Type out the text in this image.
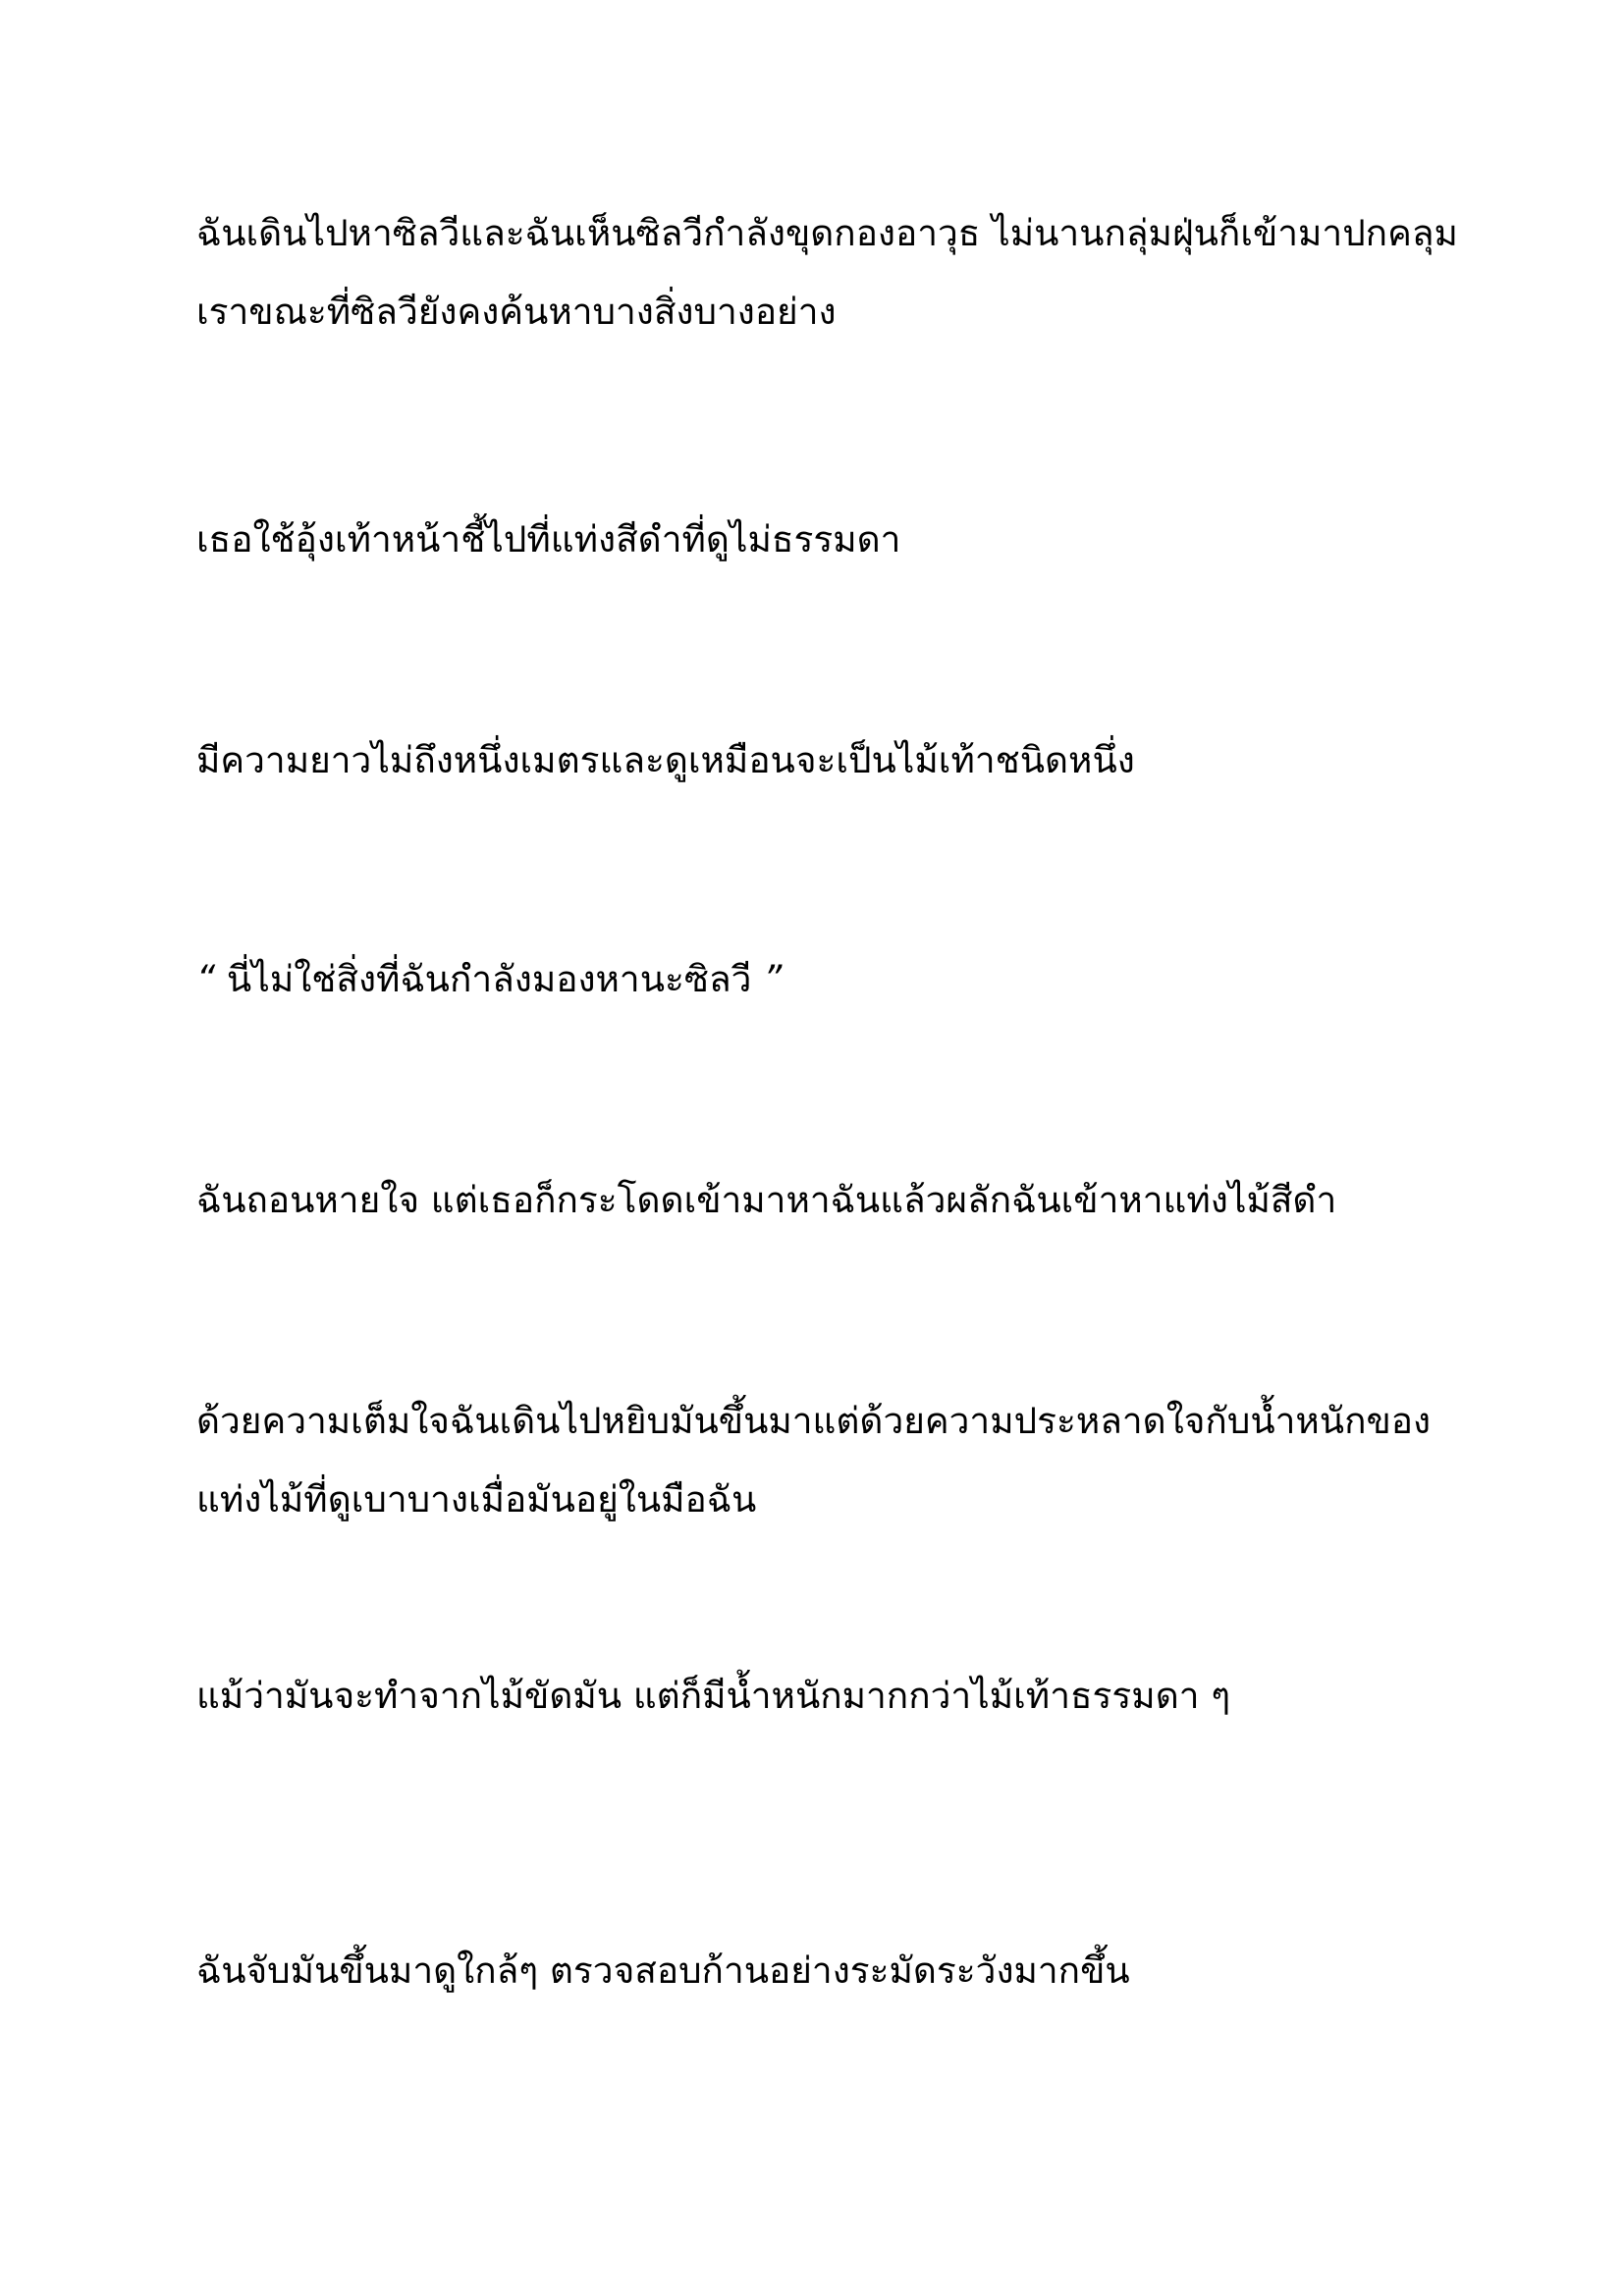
ฉันเดินไปหาซิลวีและฉันเห็นซิลวีกำลังขุดกองอาวุธ ไม่นานกลุ่มฝุ่นก็เข้ามาปกคลุม
เราขณะที่ซิลวียังคงค้นหาบางสิ่งบางอย่าง

เธอใช้อุ้งเท้าหน้าชี้ไปที่แท่งสีดำที่ดูไม่ธรรมดา

มีความยาวไม่ถึงหนึ่งเมตรและดูเหมือนจะเป็นไม้เท้าชนิดหนึ่ง

“ นี่ไม่ใช่สิ่งที่ฉันกำลังมองหานะซิลวี ”

ฉันถอนหายใจ แต่เธอก็กระโดดเข้ามาหาฉันแล้วผลักฉันเข้าหาแท่งไม้สีดำ

ด้วยความเต็มใจฉันเดินไปหยิบมันขึ้นมาแต่ด้วยความประหลาดใจกับน้ำหนักของ
แท่งไม้ที่ดูเบาบางเมื่อมันอยู่ในมือฉัน

แม้ว่ามันจะทำจากไม้ขัดมัน แต่ก็มีน้ำหนักมากกว่าไม้เท้าธรรมดา ๆ

ฉันจับมันขึ้นมาดูใกล้ๆ ตรวจสอบก้านอย่างระมัดระวังมากขึ้น
